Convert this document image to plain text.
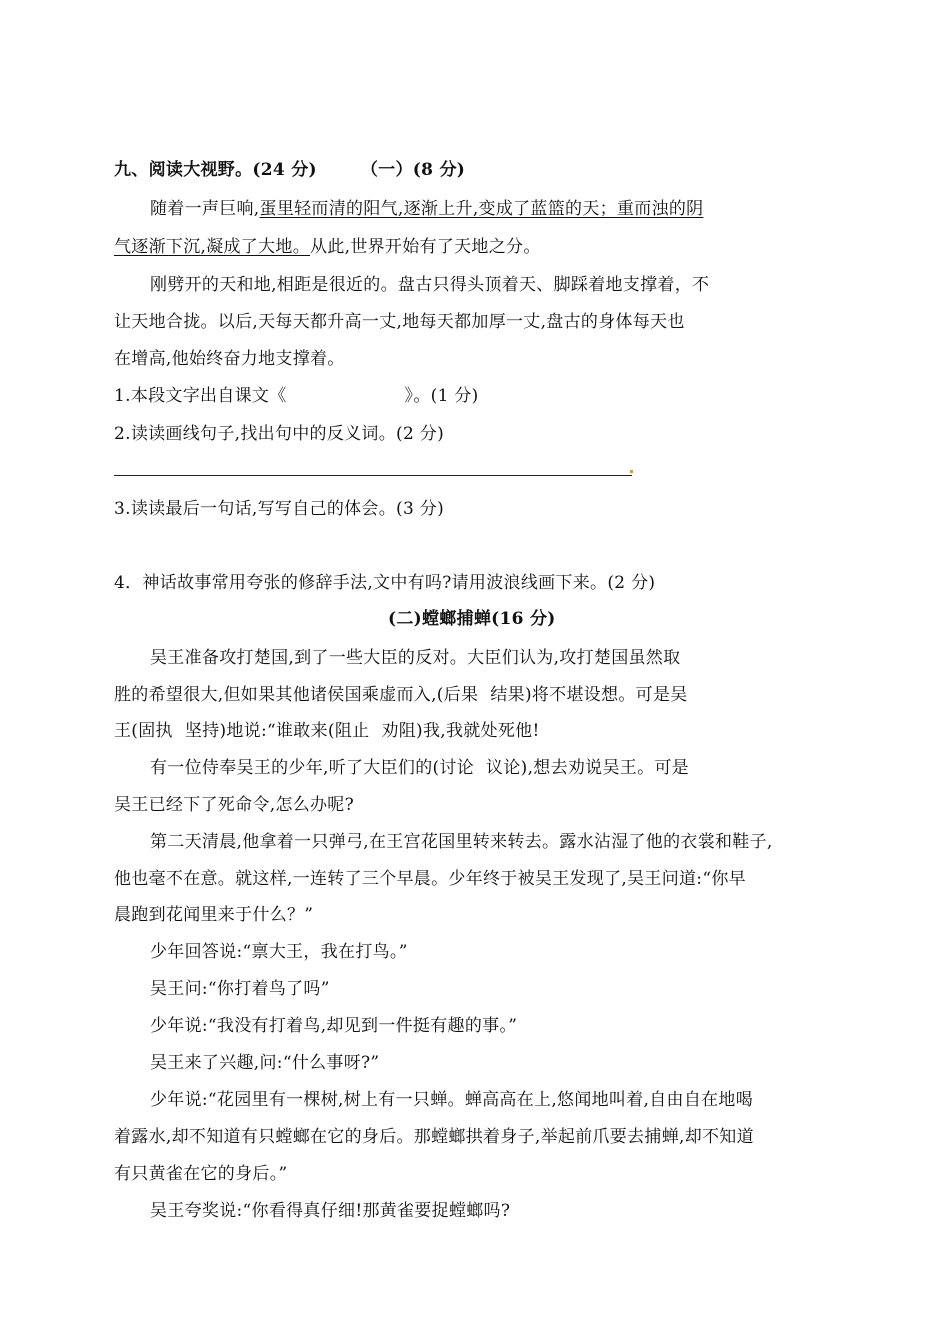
九、阅读大视野。(24 分)	（一）(8 分)
随着一声巨响,蛋里轻而清的阳气,逐渐上升,变成了蓝篮的天；重而浊的阴
气逐渐下沉,凝成了大地。从此,世界开始有了天地之分。
刚劈开的天和地,相距是很近的。盘古只得头顶着天、脚踩着地支撑着，不
让天地合拢。以后,天每天都升高一丈,地每天都加厚一丈,盘古的身体每天也
在增高,他始终奋力地支撑着。
1.本段文字出自课文《	》。(1 分)
2.读读画线句子,找出句中的反义词。(2 分)
3.读读最后一句话,写写自己的体会。(3 分)
4．神话故事常用夸张的修辞手法,文中有吗?请用波浪线画下来。(2 分)
(二)螳螂捕蝉(16 分)
吴王准备攻打楚国,到了一些大臣的反对。大臣们认为,攻打楚国虽然取
胜的希望很大,但如果其他诸侯国乘虚而入,(后果 结果)将不堪设想。可是吴
王(固执 坚持)地说:“谁敢来(阻止 劝阻)我,我就处死他!
有一位侍奉吴王的少年,听了大臣们的(讨论 议论),想去劝说吴王。可是
吴王已经下了死命令,怎么办呢?
第二天清晨,他拿着一只弹弓,在王宫花国里转来转去。露水沾湿了他的衣裳和鞋子,
他也毫不在意。就这样,一连转了三个早晨。少年终于被吴王发现了,吴王问道:“你早
晨跑到花闻里来于什么？”
少年回答说:“禀大王，我在打鸟。”
吴王问:“你打着鸟了吗”
少年说:“我没有打着鸟,却见到一件挺有趣的事。”
吴王来了兴趣,问:“什么事呀?”
少年说:“花园里有一棵树,树上有一只蝉。蝉高高在上,悠闻地叫着,自由自在地喝
着露水,却不知道有只螳螂在它的身后。那螳螂拱着身子,举起前爪要去捕蝉,却不知道
有只黄雀在它的身后。”
吴王夸奖说:“你看得真仔细!那黄雀要捉螳螂吗?
